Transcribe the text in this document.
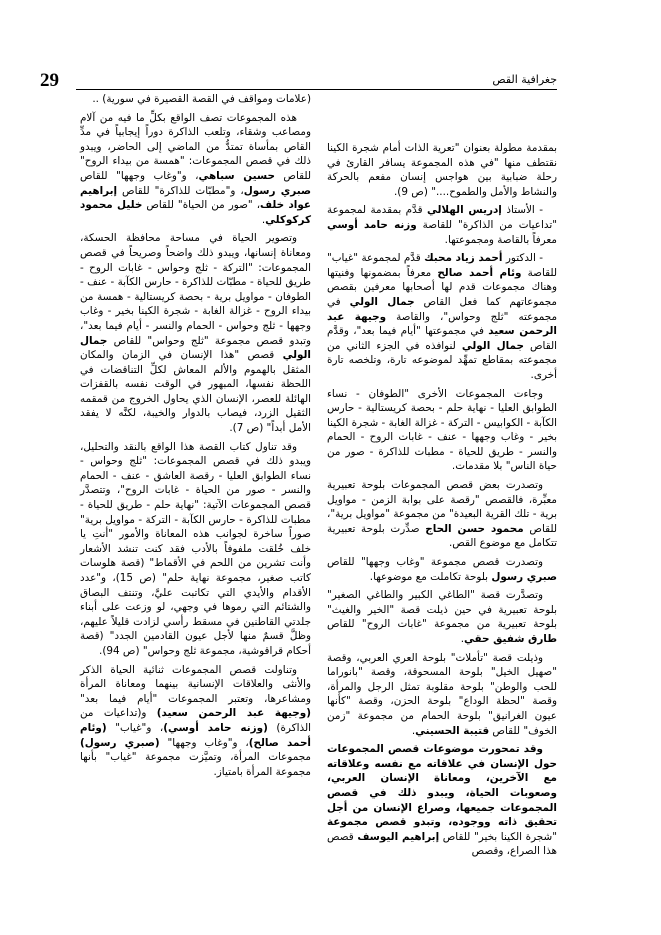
29	جغرافية القص

بمقدمة مطولة بعنوان "تعرية الذات أمام شجرة الكينا نقتطف منها "في هذه المجموعة يسافر القارئ في رحلة ضبابية بين هواجس إنسان مفعم بالحركة والنشاط والأمل والطموح...." (ص 9).

- الأستاذ إدريس الهلالي قدَّم بمقدمة لمجموعة "تداعيات من الذاكرة" للقاصة وزنه حامد أوسي معرفاً بالقاصة ومجموعتها.

- الدكتور أحمد زياد محبك قدَّم لمجموعة "غياب" للقاصة وئام أحمد صالح معرفاً بمضمونها وفنيتها وهناك مجموعات قدم لها أصحابها معرفين بقصص مجموعاتهم كما فعل القاص جمال الولي في مجموعته "ثلج وحواس"، والقاصة وجيهة عبد الرحمن سعيد في مجموعتها "أيام فيما بعد"، وقدَّم القاص جمال الولي لنوافذه في الجزء الثاني من مجموعته بمقاطع تمهِّد لموضوعه تارة، وتلخصه تارة أخرى.

وجاءت المجموعات الأخرى "الطوفان - نساء الطوابق العليا - نهاية حلم - بحصة كريستالية - حارس الكآبة - الكوابيس - التركة - غزالة الغابة - شجرة الكينا بخير - وغاب وجهها - عنف - غابات الروح - الحمام والنسر - طريق للحياة - مطبات للذاكرة - صور من حياة الناس" بلا مقدمات.

وتصدرت بعض قصص المجموعات بلوحة تعبيرية معبِّرة، فالقصص "رقصة على بوابة الزمن - مواويل برية - تلك القرية البعيدة" من مجموعة "مواويل برية"، للقاص محمود حسن الحاج صدِّرت بلوحة تعبيرية تتكامل مع موضوع القص.

وتصدرت قصص مجموعة "وغاب وجهها" للقاص صبري رسول بلوحة تكاملت مع موضوعها.

وتصدَّرت قصة "الطاغي الكبير والطاغي الصغير" بلوحة تعبيرية في حين ذيلت قصة "الخير والغيث" بلوحة تعبيرية من مجموعة "غابات الروح" للقاص طارق شفيق حقي.

وذيلت قصة "تأملات" بلوحة العري العربي، وقصة "صهيل الخيل" بلوحة المسحوقة، وقصة "بانوراما للحب والوطن" بلوحة مقلوبة تمثل الرجل والمرأة، وقصة "لحظة الوداع" بلوحة الحزن، وقصة "كأنها عيون الغرانيق" بلوحة الحمام من مجموعة "زمن الخوف" للقاص قتيبة الحسيني.

وقد تمحورت موضوعات قصص المجموعات حول الإنسان في علاقاته مع نفسه وعلاقاته مع الآخرين، ومعاناة الإنسان العربي، وصعوبات الحياة، ويبدو ذلك في قصص المجموعات جميعها، وصراع الإنسان من أجل تحقيق ذاته ووجوده، وتبدو قصص مجموعة "شجرة الكينا بخير" للقاص إبراهيم اليوسف قصص هذا الصراع، وقصص

(علامات ومواقف في القصة القصيرة في سورية) ..

هذه المجموعات تصف الواقع بكلِّ ما فيه من آلام ومصاعب وشقاء، وتلعب الذاكرة دوراً إيجابياً في مدِّ القاص بمأساة تمتدُّ من الماضي إلى الحاضر، ويبدو ذلك في قصص المجموعات: "همسة من بيداء الروح" للقاص حسين سباهي، و"وغاب وجهها" للقاص صبري رسول، و"مطبّات للذاكرة" للقاص إبراهيم عواد خلف، "صور من الحياة" للقاص خليل محمود كركوكلي.

وتصوير الحياة في مساحة محافظة الحسكة، ومعاناة إنسانها، ويبدو ذلك واضحاً وصريحاً في قصص المجموعات: "التركة - ثلج وحواس - غابات الروح - طريق للحياة - مطبّات للذاكرة - حارس الكآبة - عنف - الطوفان - مواويل برية - بحصة كريستالية - همسة من بيداء الروح - غزالة الغابة - شجرة الكينا بخير - وغاب وجهها - ثلج وحواس - الحمام والنسر - أيام فيما بعد"، وتبدو قصص مجموعة "ثلج وحواس" للقاص جمال الولي قصص "هذا الإنسان في الزمان والمكان المثقل بالهموم والألم المعاش لكلِّ التناقضات في اللحظة نفسها، المبهور في الوقت نفسه بالقفزات الهائلة للعصر، الإنسان الذي يحاول الخروج من قمقمه الثقيل الزرد، فيصاب بالدوار والخيبة، لكنَّه لا يفقد الأمل أبداً" (ص 7).

وقد تناول كتاب القصة هذا الواقع بالنقد والتحليل، ويبدو ذلك في قصص المجموعات: "ثلج وحواس - نساء الطوابق العليا - رقصة العاشق - عنف - الحمام والنسر - صور من الحياة - غابات الروح"، وتتصدَّر قصص المجموعات الآتية: "نهاية حلم - طريق للحياة - مطبات للذاكرة - حارس الكآبة - التركة - مواويل برية" صوراً ساخرة لجوانب هذه المعاناة والأمور "أنتِ يا خلف خُلقت ملفوفاً بالأدب فقد كنت تنشد الأشعار وأنت تشرين من اللحم في الأقماط" (قصة هلوسات كاتب صغير، مجموعة نهاية حلم" (ص 15)، و"عدد الأقدام والأيدي التي تكاتبت عليَّ، وتنتف البصاق والشتائم التي رموها في وجهي، لو وزعت على أبناء جلدتي القاطنين في مسقط رأسي لزادت قليلاً عليهم، وظلَّ قسمٌ منها لأجل عيون القادمين الجدد" (قصة أحكام قراقوشية، مجموعة ثلج وحواس" (ص 94).

وتناولت قصص المجموعات ثنائية الحياة الذكر والأنثى والعلاقات الإنسانية بينهما ومعاناة المرأة ومشاعرها، وتعتبر المجموعات "أيام فيما بعد" (وجيهة عبد الرحمن سعيد) و(تداعيات من الذاكرة) (وزنه حامد أوسي)، و"غياب" (وئام أحمد صالح)، و"وغاب وجهها" (صبري رسول) مجموعات المرأة، وتميَّزت مجموعة "غياب" بأنها مجموعة المرأة بامتياز.
